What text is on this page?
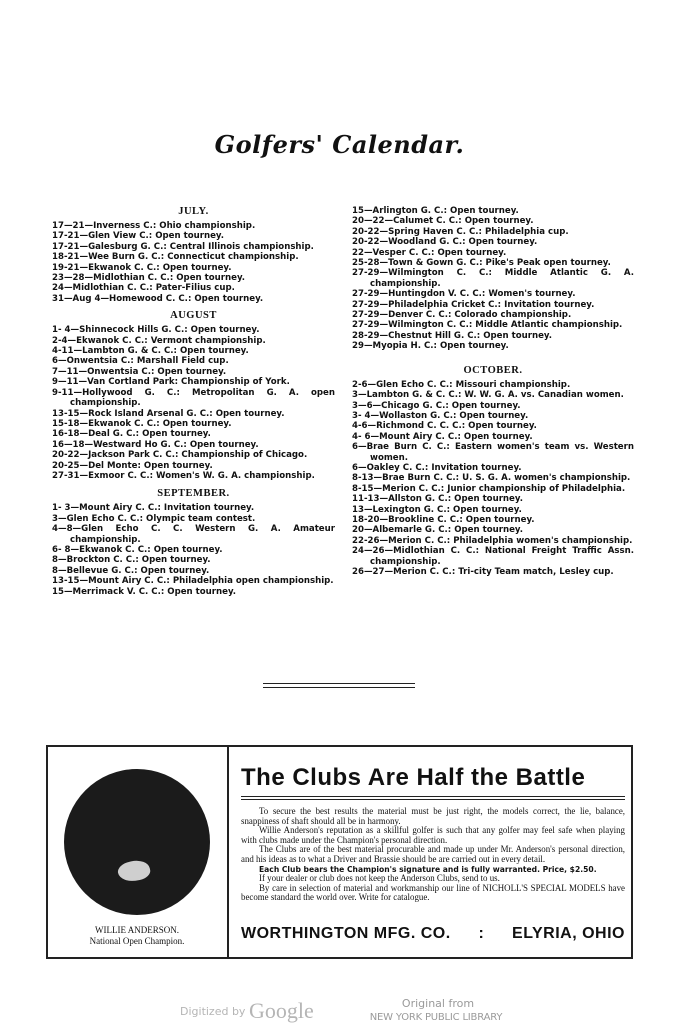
Golfers' Calendar.
JULY.
17—21—Inverness C.: Ohio championship.
17-21—Glen View C.: Open tourney.
17-21—Galesburg G. C.: Central Illinois championship.
18-21—Wee Burn G. C.: Connecticut championship.
19-21—Ekwanok C. C.: Open tourney.
23—28—Midlothian C. C.: Open tourney.
24—Midlothian C. C.: Pater-Filius cup.
31—Aug 4—Homewood C. C.: Open tourney.
AUGUST
1- 4—Shinnecock Hills G. C.: Open tourney.
2-4—Ekwanok C. C.: Vermont championship.
4-11—Lambton G. & C. C.: Open tourney.
6—Onwentsia C.: Marshall Field cup.
7—11—Onwentsia C.: Open tourney.
9—11—Van Cortland Park: Championship of York.
9-11—Hollywood G. C.: Metropolitan G. A. open championship.
13-15—Rock Island Arsenal G. C.: Open tourney.
15-18—Ekwanok C. C.: Open tourney.
16-18—Deal G. C.: Open tourney.
16—18—Westward Ho G. C.: Open tourney.
20-22—Jackson Park C. C.: Championship of Chicago.
20-25—Del Monte: Open tourney.
27-31—Exmoor C. C.: Women's W. G. A. championship.
SEPTEMBER.
1- 3—Mount Airy C. C.: Invitation tourney.
3—Glen Echo C. C.: Olympic team contest.
4—8—Glen Echo C. C. Western G. A. Amateur championship.
6- 8—Ekwanok C. C.: Open tourney.
8—Brockton C. C.: Open tourney.
8—Bellevue G. C.: Open tourney.
13-15—Mount Airy C. C.: Philadelphia open championship.
15—Merrimack V. C. C.: Open tourney.
15—Arlington G. C.: Open tourney.
20—22—Calumet C. C.: Open tourney.
20-22—Spring Haven C. C.: Philadelphia cup.
20-22—Woodland G. C.: Open tourney.
22—Vesper C. C.: Open tourney.
25-28—Town & Gown G. C.: Pike's Peak open tourney.
27-29—Wilmington C. C.: Middle Atlantic G. A. championship.
27-29—Huntingdon V. C. C.: Women's tourney.
27-29—Philadelphia Cricket C.: Invitation tourney.
27-29—Denver C. C.: Colorado championship.
27-29—Wilmington C. C.: Middle Atlantic championship.
28-29—Chestnut Hill G. C.: Open tourney.
29—Myopia H. C.: Open tourney.
OCTOBER.
2-6—Glen Echo C. C.: Missouri championship.
3—Lambton G. & C. C.: W. W. G. A. vs. Canadian women.
3—6—Chicago G. C.: Open tourney.
3- 4—Wollaston G. C.: Open tourney.
4-6—Richmond C. C. C.: Open tourney.
4- 6—Mount Airy C. C.: Open tourney.
6—Brae Burn C. C.: Eastern women's team vs. Western women.
6—Oakley C. C.: Invitation tourney.
8-13—Brae Burn C. C.: U. S. G. A. women's championship.
8-15—Merion C. C.: Junior championship of Philadelphia.
11-13—Allston G. C.: Open tourney.
13—Lexington G. C.: Open tourney.
18-20—Brookline C. C.: Open tourney.
20—Albemarle G. C.: Open tourney.
22-26—Merion C. C.: Philadelphia women's championship.
24—26—Midlothian C. C.: National Freight Traffic Assn. championship.
26—27—Merion C. C.: Tri-city Team match, Lesley cup.
WILLIE ANDERSON.
National Open Champion.
The Clubs Are Half the Battle

To secure the best results the material must be just right, the models correct, the lie, balance, snappiness of shaft should all be in harmony.

Willie Anderson's reputation as a skillful golfer is such that any golfer may feel safe when playing with clubs made under the Champion's personal direction.

The Clubs are of the best material procurable and made up under Mr. Anderson's personal direction, and his ideas as to what a Driver and Brassie should be are carried out in every detail.

Each Club bears the Champion's signature and is fully warranted. Price, $2.50.

If your dealer or club does not keep the Anderson Clubs, send to us.

By care in selection of material and workmanship our line of NICHOLL'S SPECIAL MODELS have become standard the world over. Write for catalogue.

WORTHINGTON MFG. CO. : ELYRIA, OHIO
Digitized by Google	Original from
NEW YORK PUBLIC LIBRARY
